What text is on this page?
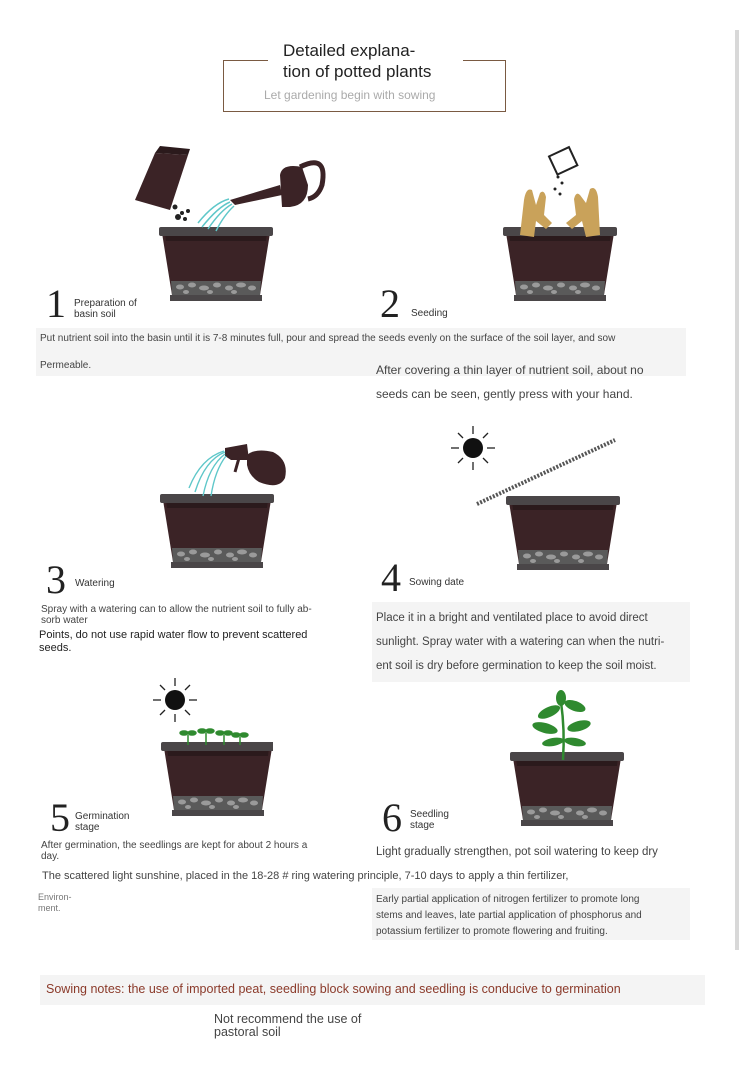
Detailed explana-
tion of potted plants
Let gardening begin with sowing
1 Preparation of
basin soil
Put nutrient soil into the basin until it is 7-8 minutes full, pour and spread the seeds evenly on the surface of the soil layer, and sow
Permeable.
2 Seeding
After covering a thin layer of nutrient soil, about no
seeds can be seen, gently press with your hand.
3 Watering
Spray with a watering can to allow the nutrient soil to fully ab-
sorb water
Points, do not use rapid water flow to prevent scattered
seeds.
4 Sowing date
Place it in a bright and ventilated place to avoid direct
sunlight. Spray water with a watering can when the nutri-
ent soil is dry before germination to keep the soil moist.
5 Germination
stage
After germination, the seedlings are kept for about 2 hours a
day.
The scattered light sunshine, placed in the 18-28 # ring watering principle, 7-10 days to apply a thin fertilizer,
Environ-
ment.
6 Seedling
stage
Light gradually strengthen, pot soil watering to keep dry
Early partial application of nitrogen fertilizer to promote long
stems and leaves, late partial application of phosphorus and
potassium fertilizer to promote flowering and fruiting.
Sowing notes: the use of imported peat, seedling block sowing and seedling is conducive to germination
Not recommend the use of
pastoral soil
